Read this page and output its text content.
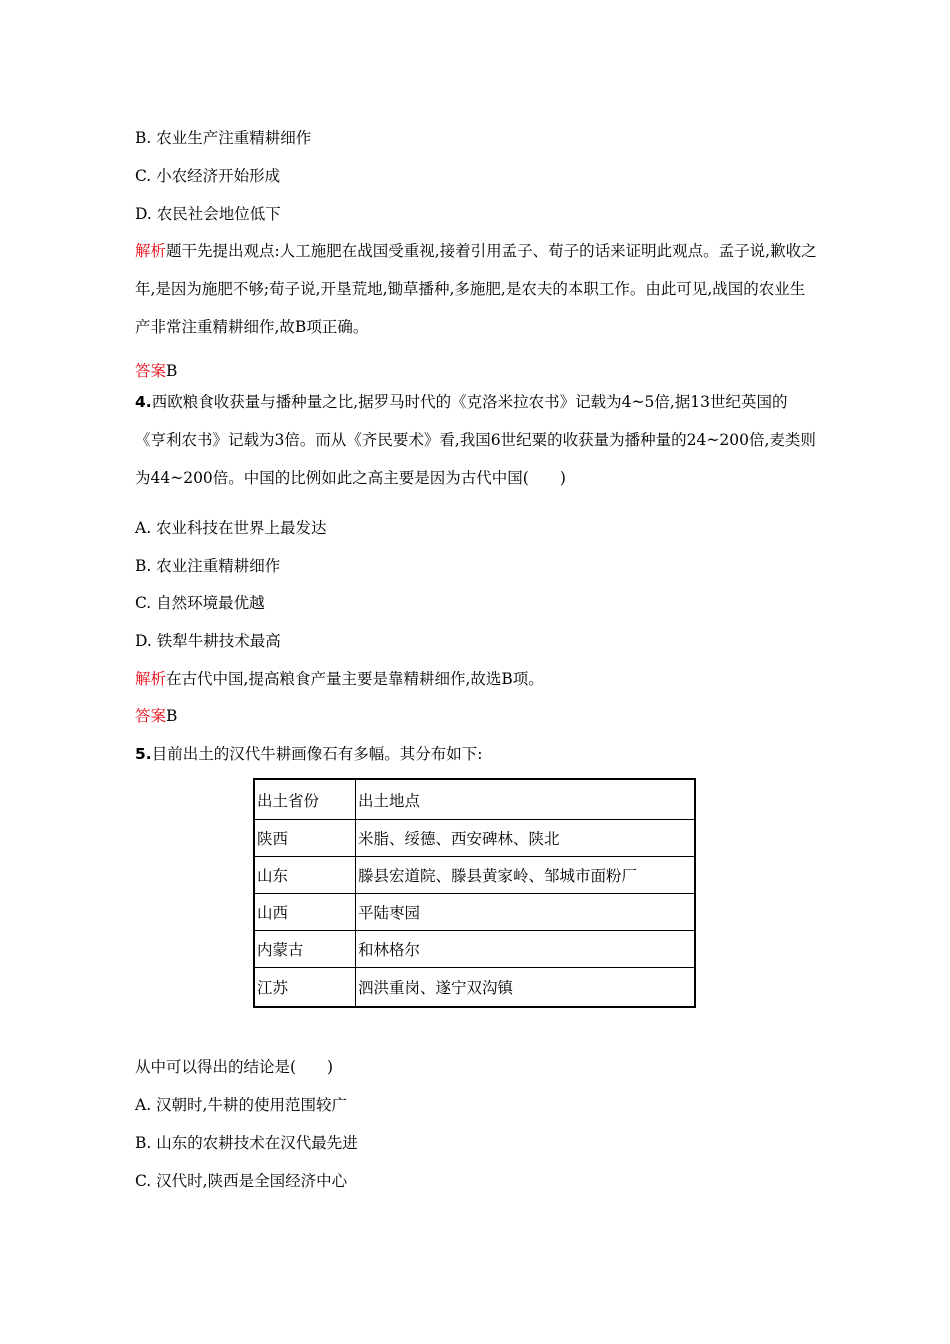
B. 农业生产注重精耕细作
C. 小农经济开始形成
D. 农民社会地位低下
解析题干先提出观点:人工施肥在战国受重视,接着引用孟子、荀子的话来证明此观点。孟子说,歉收之年,是因为施肥不够;荀子说,开垦荒地,锄草播种,多施肥,是农夫的本职工作。由此可见,战国的农业生产非常注重精耕细作,故B项正确。
答案B
4.西欧粮食收获量与播种量之比,据罗马时代的《克洛米拉农书》记载为4~5倍,据13世纪英国的《亨利农书》记载为3倍。而从《齐民要术》看,我国6世纪粟的收获量为播种量的24~200倍,麦类则为44~200倍。中国的比例如此之高主要是因为古代中国(　　)
A. 农业科技在世界上最发达
B. 农业注重精耕细作
C. 自然环境最优越
D. 铁犁牛耕技术最高
解析在古代中国,提高粮食产量主要是靠精耕细作,故选B项。
答案B
5.目前出土的汉代牛耕画像石有多幅。其分布如下:
出土省份	出土地点
陕西	米脂、绥德、西安碑林、陕北
山东	滕县宏道院、滕县黄家岭、邹城市面粉厂
山西	平陆枣园
内蒙古	和林格尔
江苏	泗洪重岗、遂宁双沟镇
从中可以得出的结论是(　　)
A. 汉朝时,牛耕的使用范围较广
B. 山东的农耕技术在汉代最先进
C. 汉代时,陕西是全国经济中心
